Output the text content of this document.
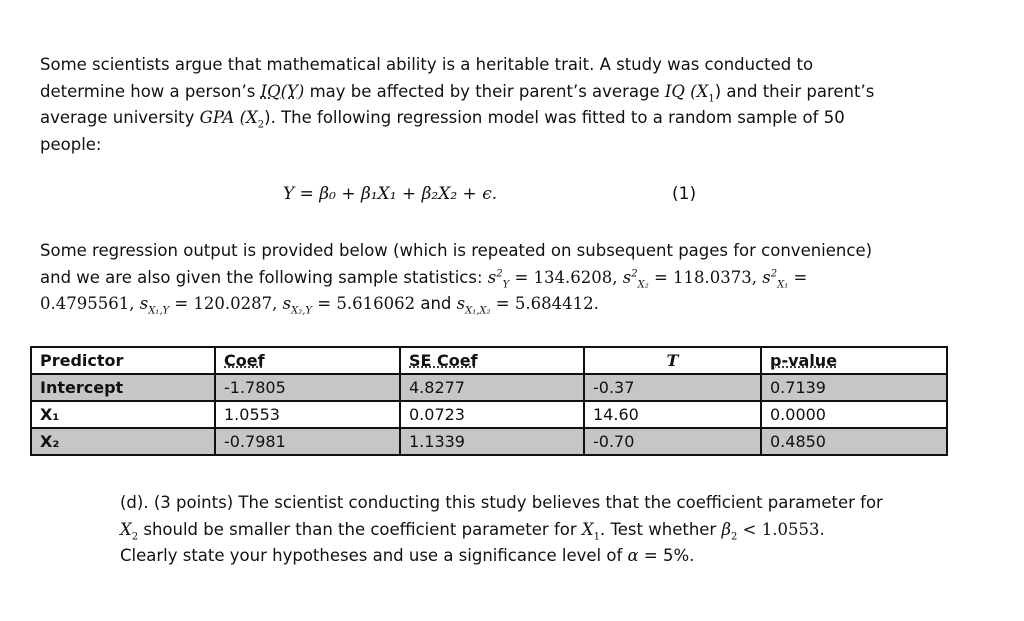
Some scientists argue that mathematical ability is a heritable trait. A study was conducted to
determine how a person’s IQ(Y) may be affected by their parent’s average IQ $(X_1)$ and their parent’s
average university GPA $(X_2)$. The following regression model was fitted to a random sample of 50
people:

Y = β₀ + β₁X₁ + β₂X₂ + ϵ.	(1)

Some regression output is provided below (which is repeated on subsequent pages for convenience)
and we are also given the following sample statistics: $s^2_Y = 134.6208$, $s^2_{X_2} = 118.0373$, $s^2_{X_1}$ =
0.4795561, $s_{X_1,Y} = 120.0287$, $s_{X_2,Y} = 5.616062$ and $s_{X_1,X_2} = 5.684412$.

Predictor	Coef	SE Coef	T	p-value
Intercept	-1.7805	4.8277	-0.37	0.7139
X₁	1.0553	0.0723	14.60	0.0000
X₂	-0.7981	1.1339	-0.70	0.4850

(d). (3 points) The scientist conducting this study believes that the coefficient parameter for
$X_2$ should be smaller than the coefficient parameter for $X_1$. Test whether $\beta_2 < 1.0553$.
Clearly state your hypotheses and use a significance level of α = 5%.
